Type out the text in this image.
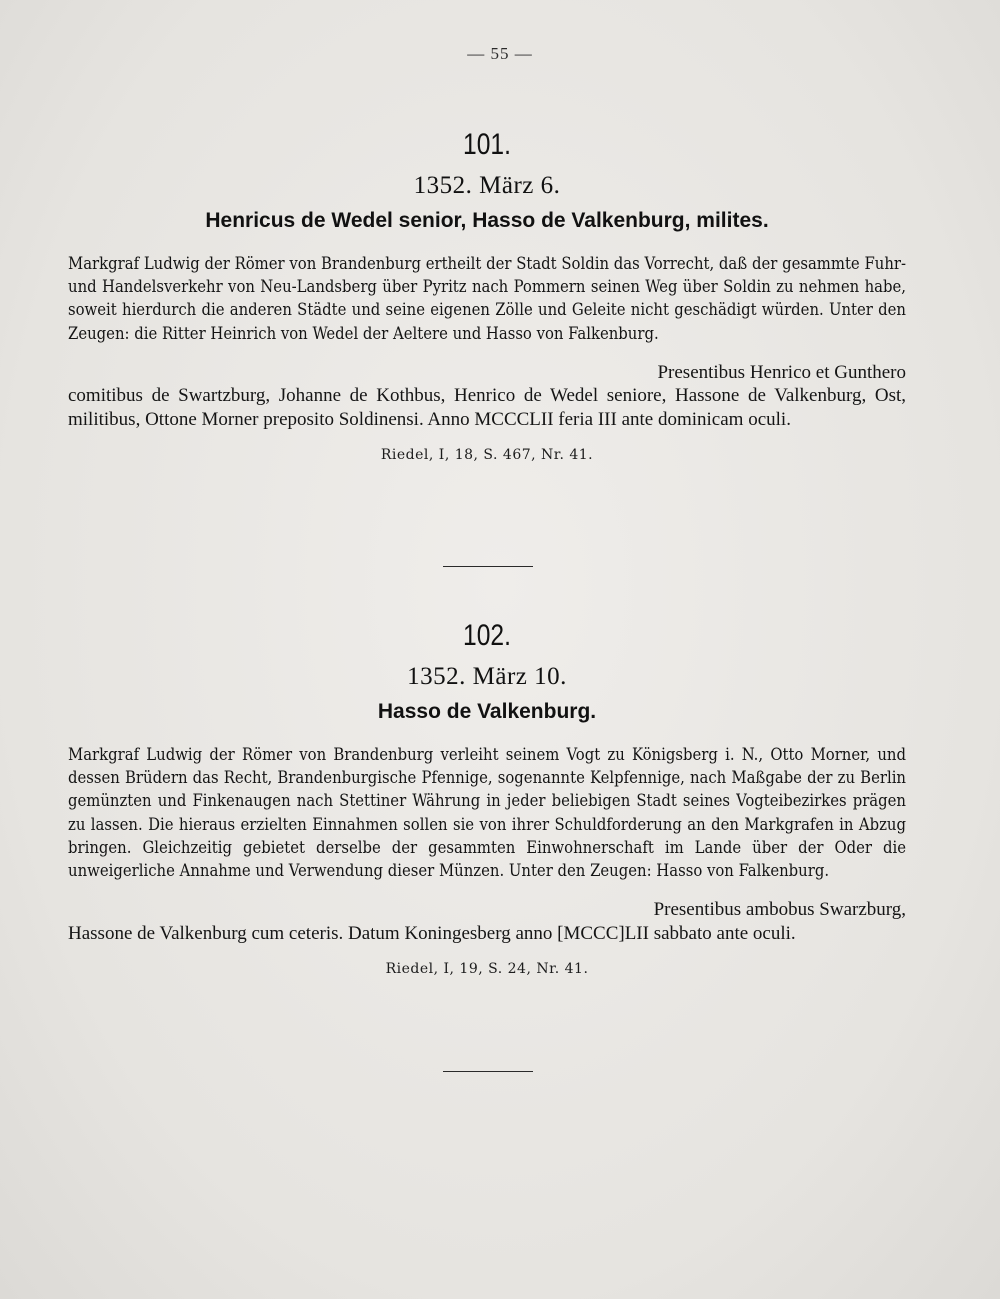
— 55 —
101.
1352. März 6.
Henricus de Wedel senior, Hasso de Valkenburg, milites.
Markgraf Ludwig der Römer von Brandenburg ertheilt der Stadt Soldin das Vorrecht, daß der gesammte Fuhr- und Handelsverkehr von Neu-Landsberg über Pyritz nach Pommern seinen Weg über Soldin zu nehmen habe, soweit hierdurch die anderen Städte und seine eigenen Zölle und Geleite nicht geschädigt würden. Unter den Zeugen: die Ritter Heinrich von Wedel der Aeltere und Hasso von Falkenburg.
Presentibus Henrico et Gunthero
comitibus de Swartzburg, Johanne de Kothbus, Henrico de Wedel seniore, Hassone de Valkenburg, Ost, militibus, Ottone Morner preposito Soldinensi. Anno MCCCLII feria III ante dominicam oculi.
Riedel, I, 18, S. 467, Nr. 41.
102.
1352. März 10.
Hasso de Valkenburg.
Markgraf Ludwig der Römer von Brandenburg verleiht seinem Vogt zu Königsberg i. N., Otto Morner, und dessen Brüdern das Recht, Brandenburgische Pfennige, sogenannte Kelpfennige, nach Maßgabe der zu Berlin gemünzten und Finkenaugen nach Stettiner Währung in jeder beliebigen Stadt seines Vogteibezirkes prägen zu lassen. Die hieraus erzielten Einnahmen sollen sie von ihrer Schuldforderung an den Markgrafen in Abzug bringen. Gleichzeitig gebietet derselbe der gesammten Einwohnerschaft im Lande über der Oder die unweigerliche Annahme und Verwendung dieser Münzen. Unter den Zeugen: Hasso von Falkenburg.
Presentibus ambobus Swarzburg,
Hassone de Valkenburg cum ceteris. Datum Koningesberg anno [MCCC]LII sabbato ante oculi.
Riedel, I, 19, S. 24, Nr. 41.
